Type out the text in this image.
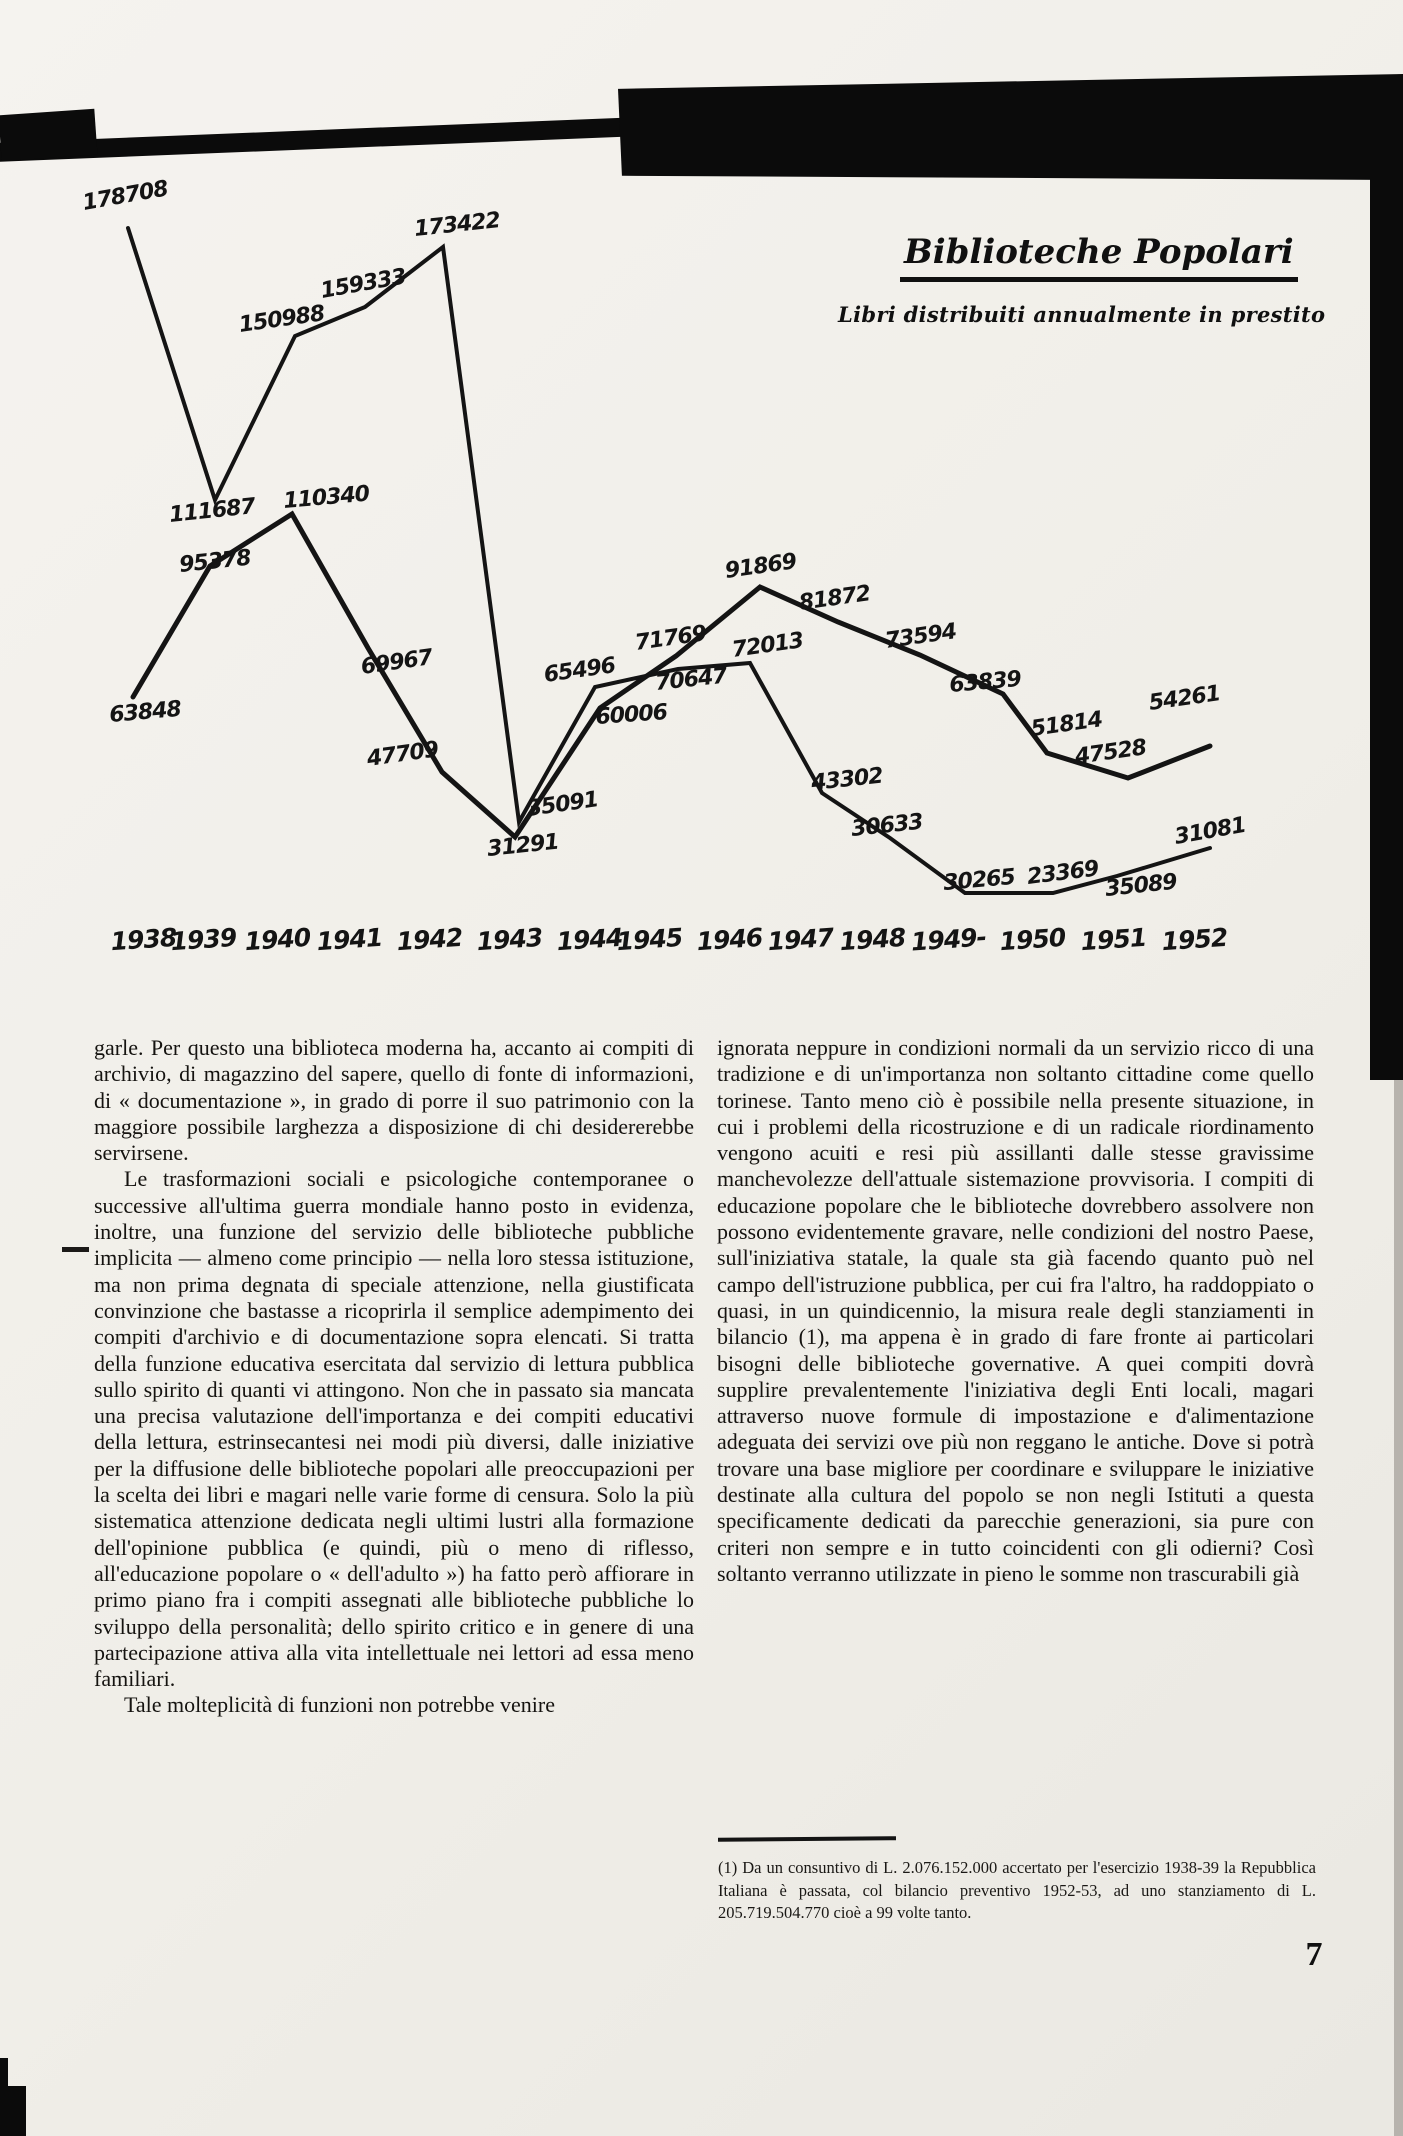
178708
111687
150988
159333
173422
35091
65496 70647
72013
43302
30633
30265 23369 35089
31081
63848
95378
110340
69967
47709
31291
60006
71769
91869
81872
73594
63839
51814
47528
54261
1938
1939 1940 1941 1942 1943 1944
1945 1946 1947 1948 1949- 1950 1951 1952
Biblioteche Popolari
Libri distribuiti annualmente in prestito

garle. Per questo una biblioteca moderna ha, accanto ai compiti di archivio, di magazzino del sapere, quello di fonte di informazioni, di « documentazione », in grado di porre il suo patrimonio con la maggiore possibile larghezza a disposizione di chi desidererebbe servirsene.

Le trasformazioni sociali e psicologiche contemporanee o successive all'ultima guerra mondiale hanno posto in evidenza, inoltre, una funzione del servizio delle biblioteche pubbliche implicita — almeno come principio — nella loro stessa istituzione, ma non prima degnata di speciale attenzione, nella giustificata convinzione che bastasse a ricoprirla il semplice adempimento dei compiti d'archivio e di documentazione sopra elencati. Si tratta della funzione educativa esercitata dal servizio di lettura pubblica sullo spirito di quanti vi attingono. Non che in passato sia mancata una precisa valutazione dell'importanza e dei compiti educativi della lettura, estrinsecantesi nei modi più diversi, dalle iniziative per la diffusione delle biblioteche popolari alle preoccupazioni per la scelta dei libri e magari nelle varie forme di censura. Solo la più sistematica attenzione dedicata negli ultimi lustri alla formazione dell'opinione pubblica (e quindi, più o meno di riflesso, all'educazione popolare o « dell'adulto ») ha fatto però affiorare in primo piano fra i compiti assegnati alle biblioteche pubbliche lo sviluppo della personalità; dello spirito critico e in genere di una partecipazione attiva alla vita intellettuale nei lettori ad essa meno familiari.

Tale molteplicità di funzioni non potrebbe venire

ignorata neppure in condizioni normali da un servizio ricco di una tradizione e di un'importanza non soltanto cittadine come quello torinese. Tanto meno ciò è possibile nella presente situazione, in cui i problemi della ricostruzione e di un radicale riordinamento vengono acuiti e resi più assillanti dalle stesse gravissime manchevolezze dell'attuale sistemazione provvisoria. I compiti di educazione popolare che le biblioteche dovrebbero assolvere non possono evidentemente gravare, nelle condizioni del nostro Paese, sull'iniziativa statale, la quale sta già facendo quanto può nel campo dell'istruzione pubblica, per cui fra l'altro, ha raddoppiato o quasi, in un quindicennio, la misura reale degli stanziamenti in bilancio (1), ma appena è in grado di fare fronte ai particolari bisogni delle biblioteche governative. A quei compiti dovrà supplire prevalentemente l'iniziativa degli Enti locali, magari attraverso nuove formule di impostazione e d'alimentazione adeguata dei servizi ove più non reggano le antiche. Dove si potrà trovare una base migliore per coordinare e sviluppare le iniziative destinate alla cultura del popolo se non negli Istituti a questa specificamente dedicati da parecchie generazioni, sia pure con criteri non sempre e in tutto coincidenti con gli odierni? Così soltanto verranno utilizzate in pieno le somme non trascurabili già

(1) Da un consuntivo di L. 2.076.152.000 accertato per l'esercizio 1938-39 la Repubblica Italiana è passata, col bilancio preventivo 1952-53, ad uno stanziamento di L. 205.719.504.770 cioè a 99 volte tanto.
7
